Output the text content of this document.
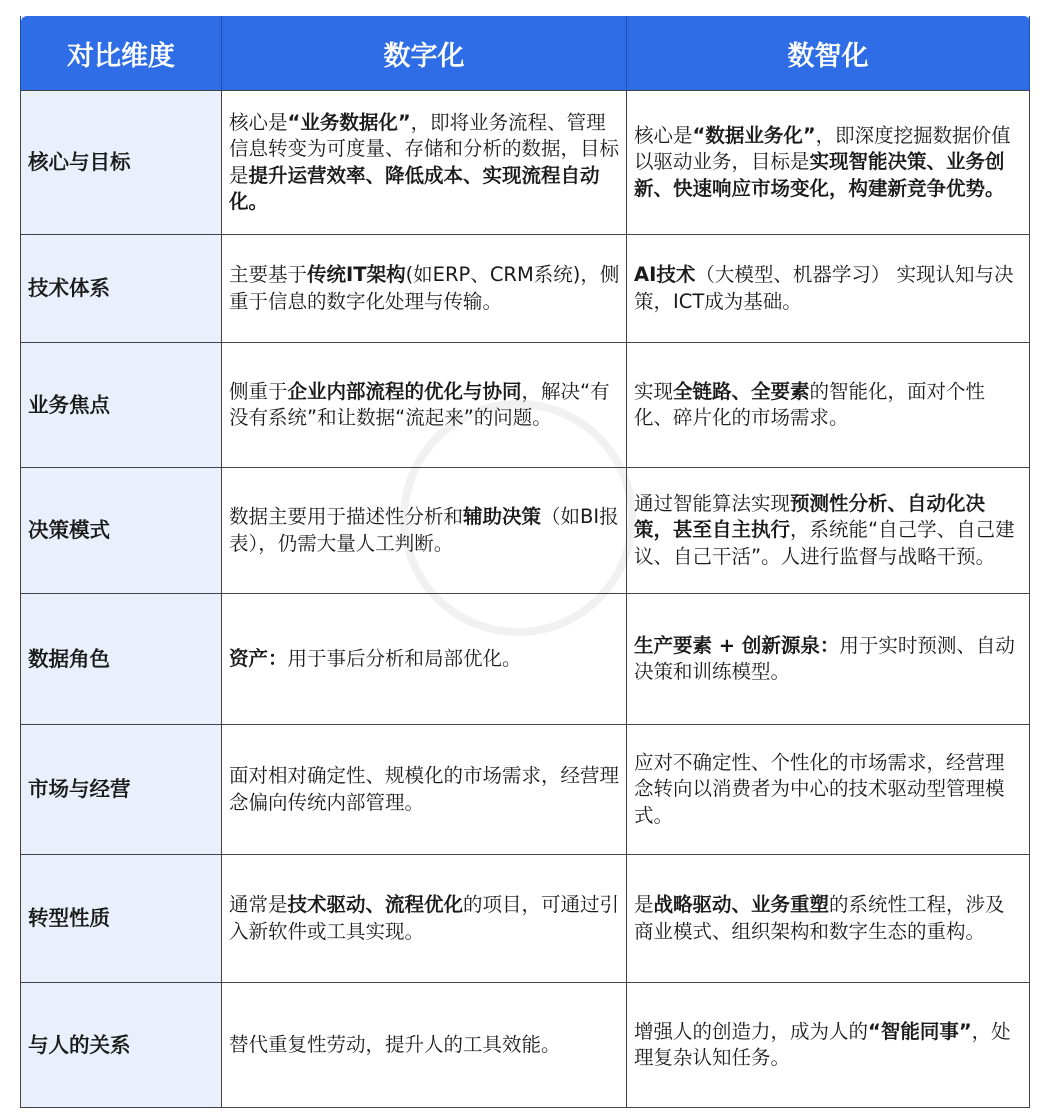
对比维度	数字化	数智化
核心与目标	核心是“业务数据化”，即将业务流程、管理信息转变为可度量、存储和分析的数据，目标是提升运营效率、降低成本、实现流程自动化。	核心是“数据业务化”，即深度挖掘数据价值以驱动业务，目标是实现智能决策、业务创新、快速响应市场变化，构建新竞争优势。
技术体系	主要基于传统IT架构(如ERP、CRM系统)，侧重于信息的数字化处理与传输。	AI技术（大模型、机器学习） 实现认知与决策，ICT成为基础。
业务焦点	侧重于企业内部流程的优化与协同，解决“有没有系统”和让数据“流起来”的问题。	实现全链路、全要素的智能化，面对个性化、碎片化的市场需求。
决策模式	数据主要用于描述性分析和辅助决策（如BI报表），仍需大量人工判断。	通过智能算法实现预测性分析、自动化决策，甚至自主执行，系统能“自己学、自己建议、自己干活”。人进行监督与战略干预。
数据角色	资产：用于事后分析和局部优化。	生产要素 + 创新源泉：用于实时预测、自动决策和训练模型。
市场与经营	面对相对确定性、规模化的市场需求，经营理念偏向传统内部管理。	应对不确定性、个性化的市场需求，经营理念转向以消费者为中心的技术驱动型管理模式。
转型性质	通常是技术驱动、流程优化的项目，可通过引入新软件或工具实现。	是战略驱动、业务重塑的系统性工程，涉及商业模式、组织架构和数字生态的重构。
与人的关系	替代重复性劳动，提升人的工具效能。	增强人的创造力，成为人的“智能同事”，处理复杂认知任务。
